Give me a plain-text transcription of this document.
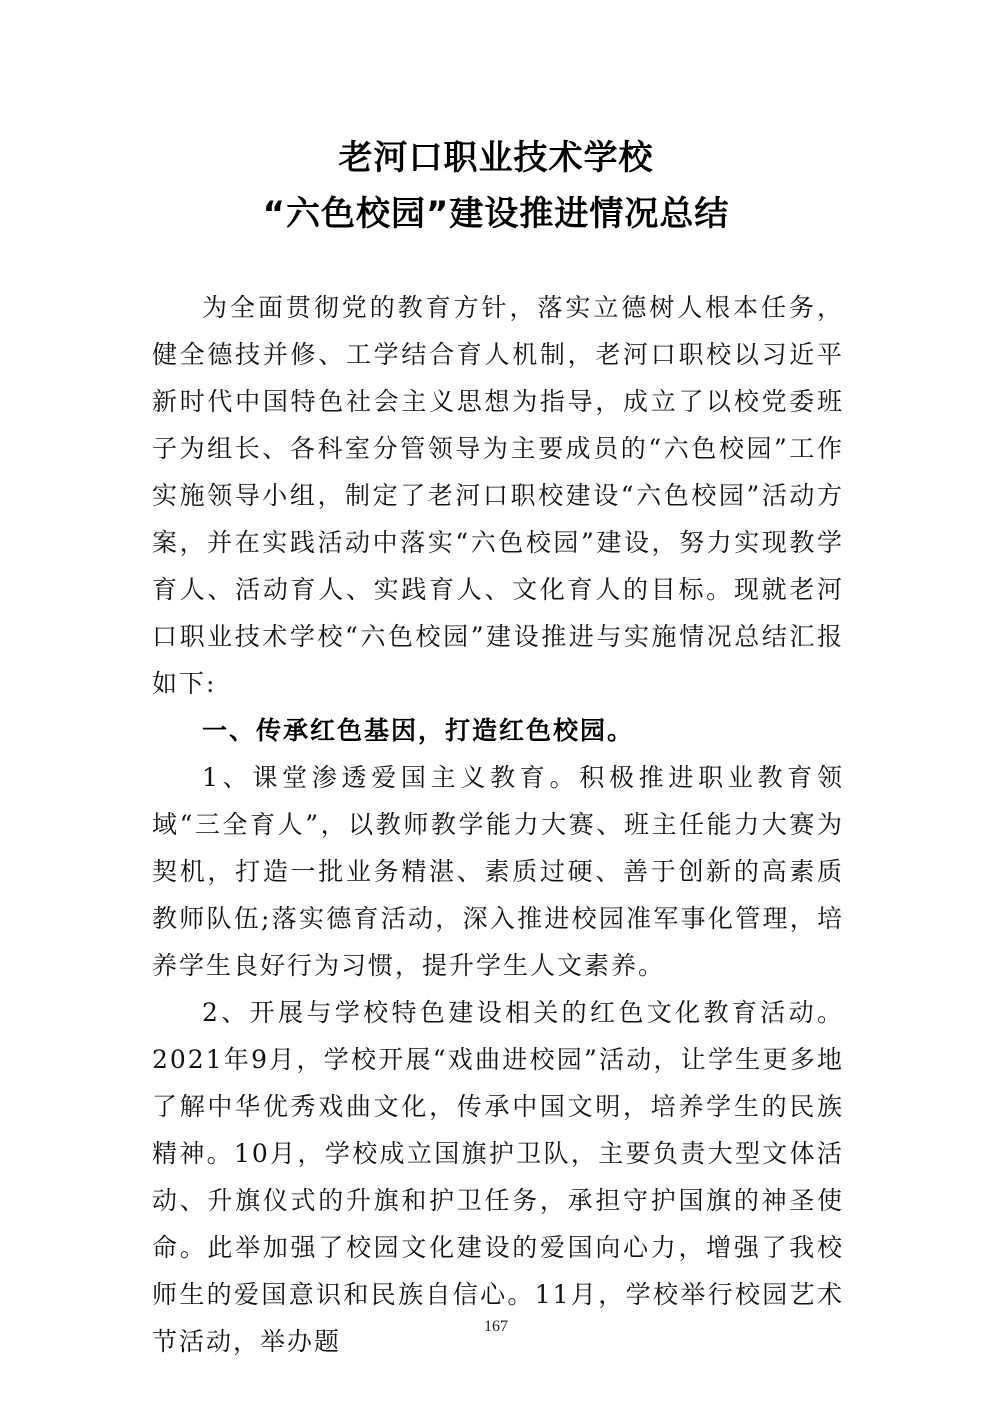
老河口职业技术学校
“六色校园”建设推进情况总结

为全面贯彻党的教育方针，落实立德树人根本任务，健全德技并修、工学结合育人机制，老河口职校以习近平新时代中国特色社会主义思想为指导，成立了以校党委班子为组长、各科室分管领导为主要成员的“六色校园”工作实施领导小组，制定了老河口职校建设“六色校园”活动方案，并在实践活动中落实“六色校园”建设，努力实现教学育人、活动育人、实践育人、文化育人的目标。现就老河口职业技术学校“六色校园”建设推进与实施情况总结汇报如下:

一、传承红色基因，打造红色校园。

1、课堂渗透爱国主义教育。积极推进职业教育领域“三全育人”，以教师教学能力大赛、班主任能力大赛为契机，打造一批业务精湛、素质过硬、善于创新的高素质教师队伍;落实德育活动，深入推进校园准军事化管理，培养学生良好行为习惯，提升学生人文素养。

2、开展与学校特色建设相关的红色文化教育活动。2021年9月，学校开展“戏曲进校园”活动，让学生更多地了解中华优秀戏曲文化，传承中国文明，培养学生的民族精神。10月，学校成立国旗护卫队，主要负责大型文体活动、升旗仪式的升旗和护卫任务，承担守护国旗的神圣使命。此举加强了校园文化建设的爱国向心力，增强了我校师生的爱国意识和民族自信心。11月，学校举行校园艺术节活动，举办题

167
